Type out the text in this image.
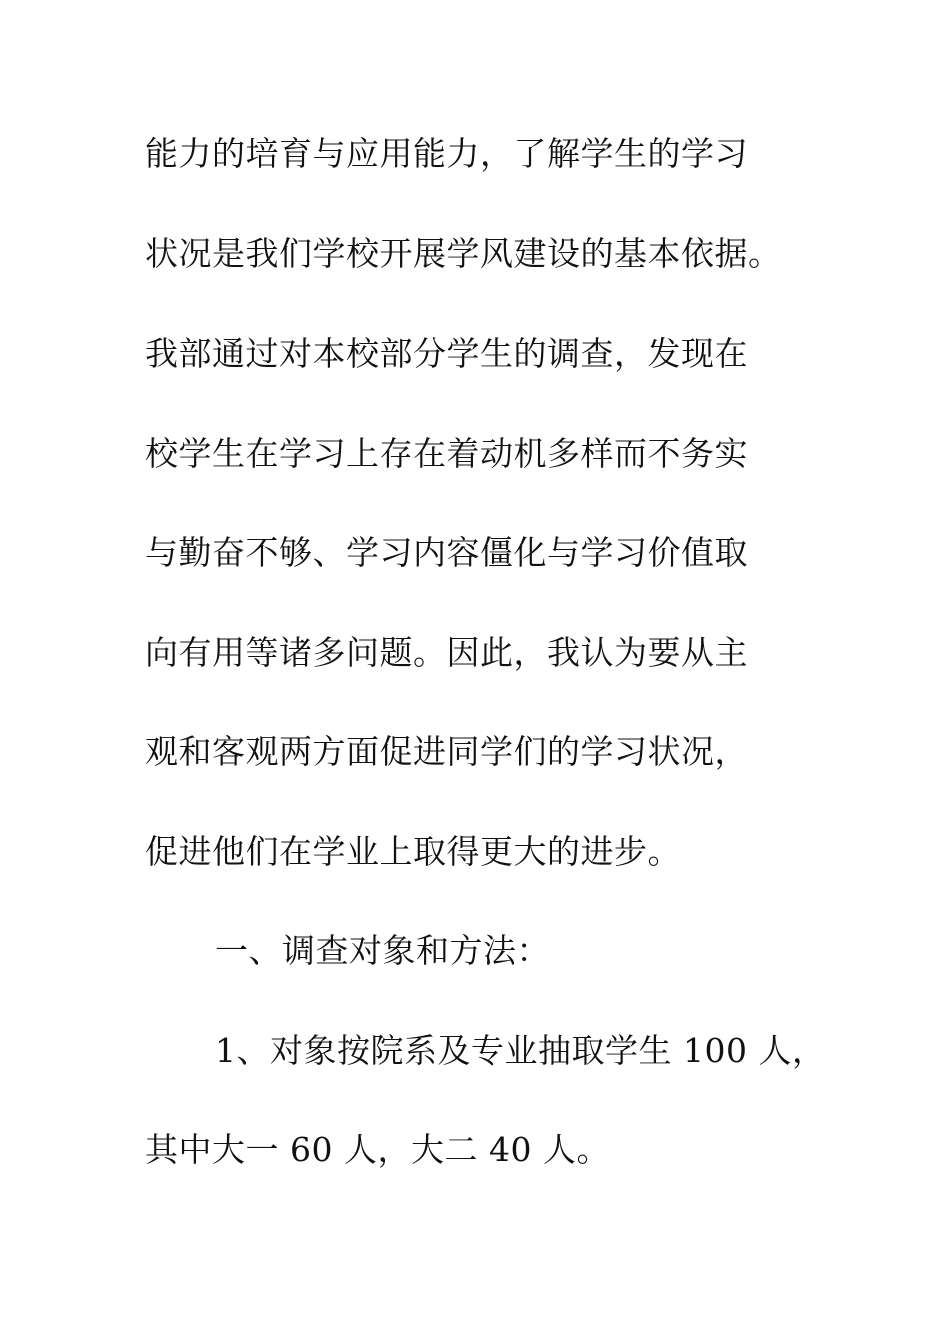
能力的培育与应用能力，了解学生的学习
状况是我们学校开展学风建设的基本依据。
我部通过对本校部分学生的调查，发现在
校学生在学习上存在着动机多样而不务实
与勤奋不够、学习内容僵化与学习价值取
向有用等诸多问题。因此，我认为要从主
观和客观两方面促进同学们的学习状况，
促进他们在学业上取得更大的进步。
一、调查对象和方法：
1、对象按院系及专业抽取学生 100 人，
其中大一 60 人，大二 40 人。
